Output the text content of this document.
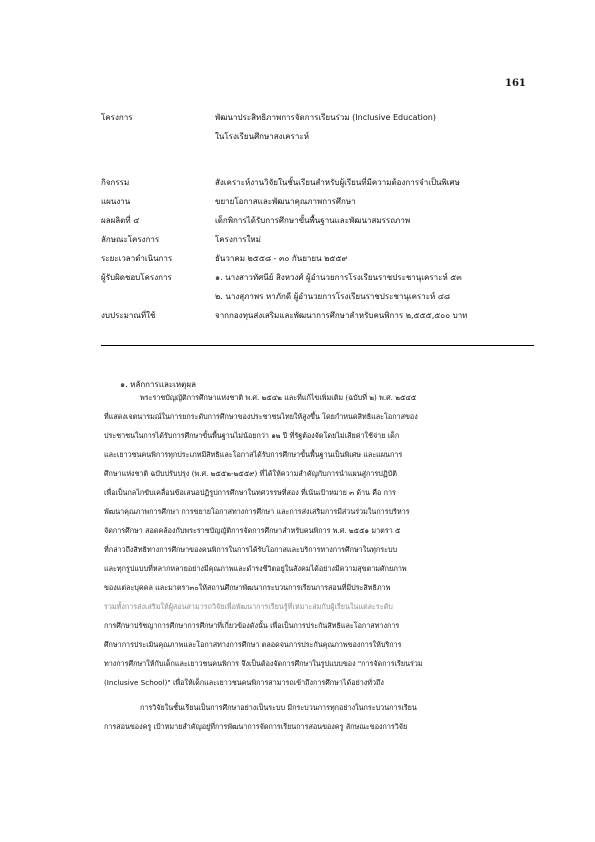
161
โครงการ	พัฒนาประสิทธิภาพการจัดการเรียนร่วม (Inclusive Education)
ในโรงเรียนศึกษาสงเคราะห์
กิจกรรม	สังเคราะห์งานวิจัยในชั้นเรียนสำหรับผู้เรียนที่มีความต้องการจำเป็นพิเศษ
แผนงาน	ขยายโอกาสและพัฒนาคุณภาพการศึกษา
ผลผลิตที่ ๔	เด็กพิการได้รับการศึกษาขั้นพื้นฐานและพัฒนาสมรรถภาพ
ลักษณะโครงการ	โครงการใหม่
ระยะเวลาดำเนินการ	ธันวาคม ๒๕๕๘ - ๓๐ กันยายน ๒๕๕๙
ผู้รับผิดชอบโครงการ	๑. นางสาวทัศนีย์ สิงหวงศ์ ผู้อำนวยการโรงเรียนราชประชานุเคราะห์ ๕๓
๒. นางสุภาพร หาภักดี ผู้อำนวยการโรงเรียนราชประชานุเคราะห์ ๔๘
งบประมาณที่ใช้	จากกองทุนส่งเสริมและพัฒนาการศึกษาสำหรับคนพิการ ๒,๕๕๕,๕๐๐ บาท
๑. หลักการและเหตุผล
พระราชบัญญัติการศึกษาแห่งชาติ พ.ศ. ๒๕๔๒ และที่แก้ไขเพิ่มเติม (ฉบับที่ ๒) พ.ศ. ๒๕๔๕
ที่แสดงเจตนารมณ์ในการยกระดับการศึกษาของประชาชนไทยให้สูงขึ้น โดยกำหนดสิทธิและโอกาสของ
ประชาชนในการได้รับการศึกษาขั้นพื้นฐานไม่น้อยกว่า ๑๒ ปี ที่รัฐต้องจัดโดยไม่เสียค่าใช้จ่าย เด็ก
และเยาวชนคนพิการทุกประเภทมีสิทธิและโอกาสได้รับการศึกษาขั้นพื้นฐานเป็นพิเศษ และแผนการ
ศึกษาแห่งชาติ ฉบับปรับปรุง (พ.ศ. ๒๕๕๒-๒๕๕๙) ที่ได้ให้ความสำคัญกับการนำแผนสู่การปฏิบัติ
เพื่อเป็นกลไกขับเคลื่อนข้อเสนอปฏิรูปการศึกษาในทศวรรษที่สอง ที่เน้นเป้าหมาย ๓ ด้าน คือ การ
พัฒนาคุณภาพการศึกษา การขยายโอกาสทางการศึกษา และการส่งเสริมการมีส่วนร่วมในการบริหาร
จัดการศึกษา สอดคล้องกับพระราชบัญญัติการจัดการศึกษาสำหรับคนพิการ พ.ศ. ๒๕๕๑ มาตรา ๕
ที่กล่าวถึงสิทธิทางการศึกษาของคนพิการในการได้รับโอกาสและบริการทางการศึกษาในทุกระบบ
และทุกรูปแบบที่หลากหลายอย่างมีคุณภาพและดำรงชีวิตอยู่ในสังคมได้อย่างมีความสุขตามศักยภาพ
ของแต่ละบุคคล และมาตรา๓๐ให้สถานศึกษาพัฒนากระบวนการเรียนการสอนที่มีประสิทธิภาพ
รวมทั้งการส่งเสริมให้ผู้สอนสามารถวิจัยเพื่อพัฒนาการเรียนรู้ที่เหมาะสมกับผู้เรียนในแต่ละระดับ
การศึกษาปรัชญาการศึกษาการศึกษาที่เกี่ยวข้องดังนั้น เพื่อเป็นการประกันสิทธิและโอกาสทางการ
ศึกษาการประเมินคุณภาพและโอกาสทางการศึกษา ตลอดจนการประกันคุณภาพของการให้บริการ
ทางการศึกษาให้กับเด็กและเยาวชนคนพิการ จึงเป็นต้องจัดการศึกษาในรูปแบบของ "การจัดการเรียนร่วม
(Inclusive School)" เพื่อให้เด็กและเยาวชนคนพิการสามารถเข้าถึงการศึกษาได้อย่างทั่วถึง
การวิจัยในชั้นเรียนเป็นการศึกษาอย่างเป็นระบบ มีกระบวนการทุกอย่างในกระบวนการเรียน
การสอนของครู เป้าหมายสำคัญอยู่ที่การพัฒนาการจัดการเรียนการสอนของครู ลักษณะของการวิจัย
